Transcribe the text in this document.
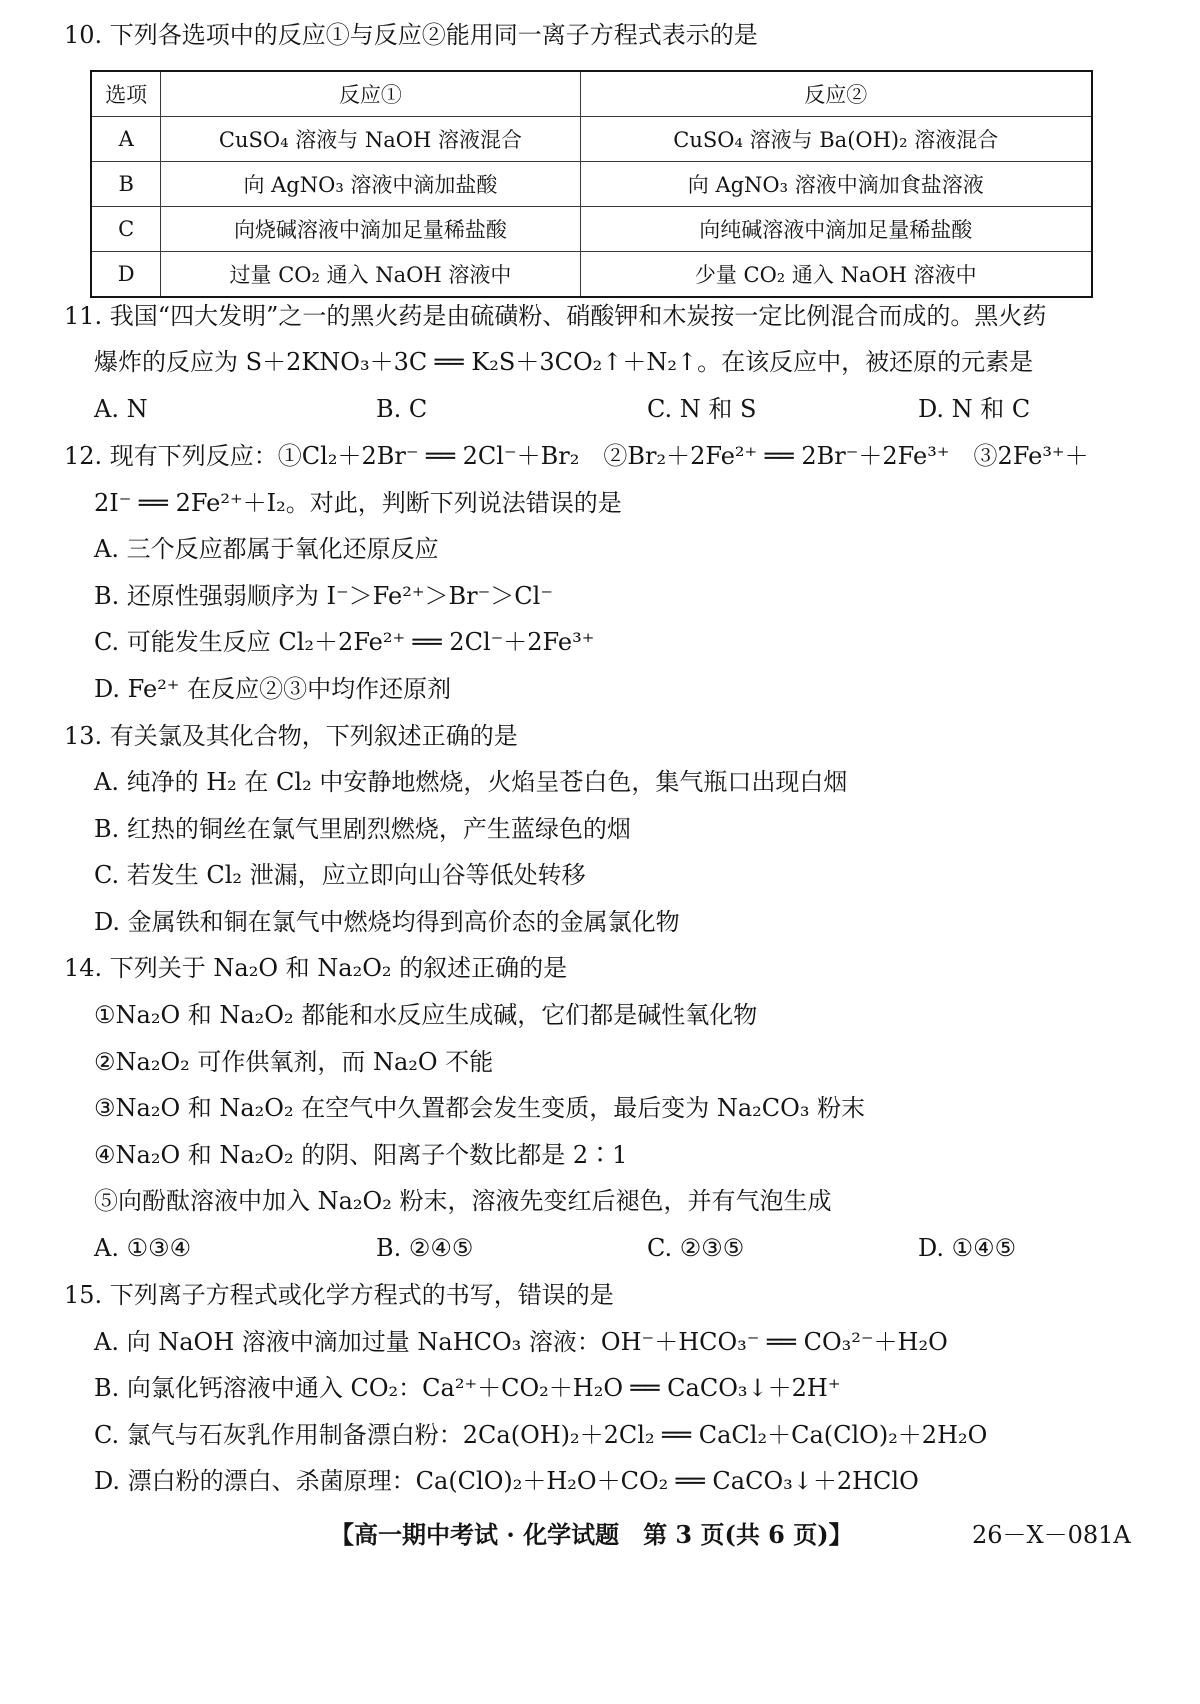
10. 下列各选项中的反应①与反应②能用同一离子方程式表示的是
选项	反应①	反应②
A	CuSO₄ 溶液与 NaOH 溶液混合	CuSO₄ 溶液与 Ba(OH)₂ 溶液混合
B	向 AgNO₃ 溶液中滴加盐酸	向 AgNO₃ 溶液中滴加食盐溶液
C	向烧碱溶液中滴加足量稀盐酸	向纯碱溶液中滴加足量稀盐酸
D	过量 CO₂ 通入 NaOH 溶液中	少量 CO₂ 通入 NaOH 溶液中
11. 我国“四大发明”之一的黑火药是由硫磺粉、硝酸钾和木炭按一定比例混合而成的。黑火药
爆炸的反应为 S＋2KNO₃＋3C ══ K₂S＋3CO₂↑＋N₂↑。在该反应中，被还原的元素是
A. N	B. C	C. N 和 S	D. N 和 C
12. 现有下列反应：①Cl₂＋2Br⁻ ══ 2Cl⁻＋Br₂　②Br₂＋2Fe²⁺ ══ 2Br⁻＋2Fe³⁺　③2Fe³⁺＋
2I⁻ ══ 2Fe²⁺＋I₂。对此，判断下列说法错误的是
A. 三个反应都属于氧化还原反应
B. 还原性强弱顺序为 I⁻＞Fe²⁺＞Br⁻＞Cl⁻
C. 可能发生反应 Cl₂＋2Fe²⁺ ══ 2Cl⁻＋2Fe³⁺
D. Fe²⁺ 在反应②③中均作还原剂
13. 有关氯及其化合物，下列叙述正确的是
A. 纯净的 H₂ 在 Cl₂ 中安静地燃烧，火焰呈苍白色，集气瓶口出现白烟
B. 红热的铜丝在氯气里剧烈燃烧，产生蓝绿色的烟
C. 若发生 Cl₂ 泄漏，应立即向山谷等低处转移
D. 金属铁和铜在氯气中燃烧均得到高价态的金属氯化物
14. 下列关于 Na₂O 和 Na₂O₂ 的叙述正确的是
①Na₂O 和 Na₂O₂ 都能和水反应生成碱，它们都是碱性氧化物
②Na₂O₂ 可作供氧剂，而 Na₂O 不能
③Na₂O 和 Na₂O₂ 在空气中久置都会发生变质，最后变为 Na₂CO₃ 粉末
④Na₂O 和 Na₂O₂ 的阴、阳离子个数比都是 2∶1
⑤向酚酞溶液中加入 Na₂O₂ 粉末，溶液先变红后褪色，并有气泡生成
A. ①③④	B. ②④⑤	C. ②③⑤	D. ①④⑤
15. 下列离子方程式或化学方程式的书写，错误的是
A. 向 NaOH 溶液中滴加过量 NaHCO₃ 溶液：OH⁻＋HCO₃⁻ ══ CO₃²⁻＋H₂O
B. 向氯化钙溶液中通入 CO₂：Ca²⁺＋CO₂＋H₂O ══ CaCO₃↓＋2H⁺
C. 氯气与石灰乳作用制备漂白粉：2Ca(OH)₂＋2Cl₂ ══ CaCl₂＋Ca(ClO)₂＋2H₂O
D. 漂白粉的漂白、杀菌原理：Ca(ClO)₂＋H₂O＋CO₂ ══ CaCO₃↓＋2HClO
【高一期中考试 · 化学试题　第 3 页(共 6 页)】	26－X－081A
